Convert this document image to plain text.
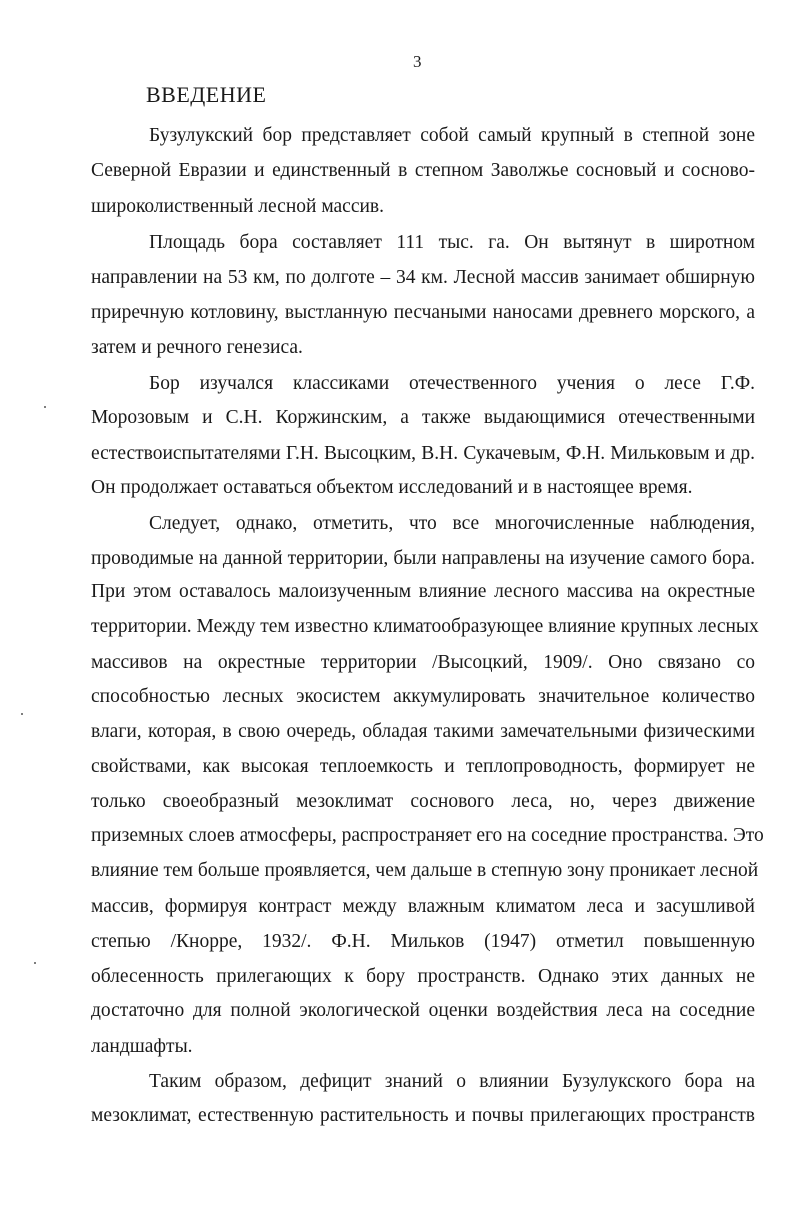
3
ВВЕДЕНИЕ
Бузулукский бор представляет собой самый крупный в степной зоне
Северной Евразии и единственный в степном Заволжье сосновый и сосново-
широколиственный лесной массив.
Площадь бора составляет 111 тыс. га. Он вытянут в широтном
направлении на 53 км, по долготе – 34 км. Лесной массив занимает обширную
приречную котловину, выстланную песчаными наносами древнего морского, а
затем и речного генезиса.
Бор изучался классиками отечественного учения о лесе Г.Ф.
Морозовым и С.Н. Коржинским, а также выдающимися отечественными
естествоиспытателями Г.Н. Высоцким, В.Н. Сукачевым, Ф.Н. Мильковым и др.
Он продолжает оставаться объектом исследований и в настоящее время.
Следует, однако, отметить, что все многочисленные наблюдения,
проводимые на данной территории, были направлены на изучение самого бора.
При этом оставалось малоизученным влияние лесного массива на окрестные
территории. Между тем известно климатообразующее влияние крупных лесных
массивов на окрестные территории /Высоцкий, 1909/. Оно связано со
способностью лесных экосистем аккумулировать значительное количество
влаги, которая, в свою очередь, обладая такими замечательными физическими
свойствами, как высокая теплоемкость и теплопроводность, формирует не
только своеобразный мезоклимат соснового леса, но, через движение
приземных слоев атмосферы, распространяет его на соседние пространства. Это
влияние тем больше проявляется, чем дальше в степную зону проникает лесной
массив, формируя контраст между влажным климатом леса и засушливой
степью /Кнорре, 1932/. Ф.Н. Мильков (1947) отметил повышенную
облесенность прилегающих к бору пространств. Однако этих данных не
достаточно для полной экологической оценки воздействия леса на соседние
ландшафты.
Таким образом, дефицит знаний о влиянии Бузулукского бора на
мезоклимат, естественную растительность и почвы прилегающих пространств
